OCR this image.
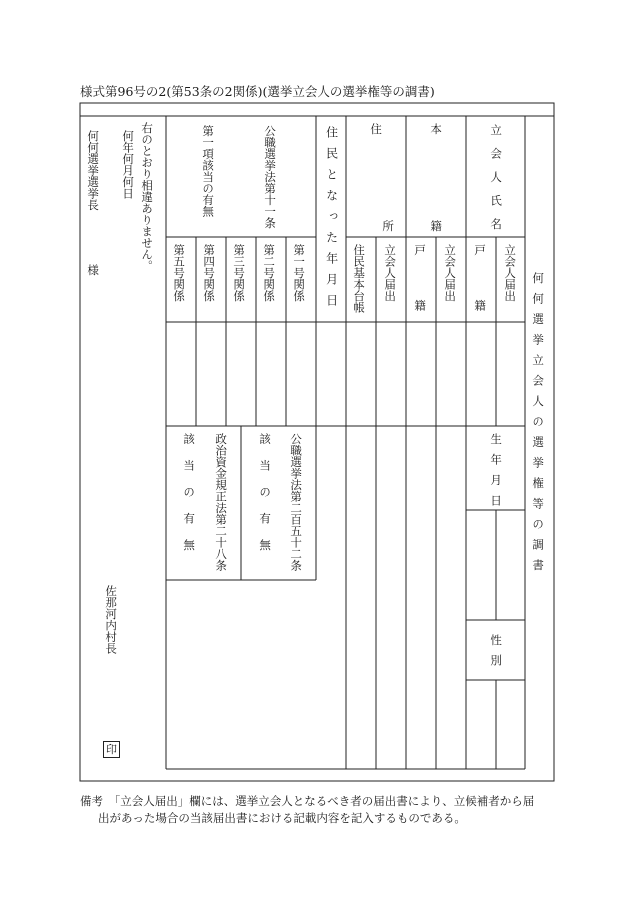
様式第96号の2(第53条の2関係)(選挙立会人の選挙権等の調書)
何何選挙選挙長
様	右のとおり相違ありません。
何年何月何日
佐那河内村長
印
公職選挙法第十一条
第一項該当の有無
第五号関係 第四号関係 第三号関係 第二号関係 第一号関係 住民となった年月日	住
所
住民基本台帳 立会人届出
本
籍
戸籍 立会人届出
立会人氏名
戸籍 立会人届出
生年月日
性別
何何選挙立会人の選挙権等の調書
公職選挙法第二百五十二条
該当の有無
政治資金規正法第二十八条
該当の有無
備考　「立会人届出」欄には、選挙立会人となるべき者の届出書により、立候補者から届
出があった場合の当該届出書における記載内容を記入するものである。
